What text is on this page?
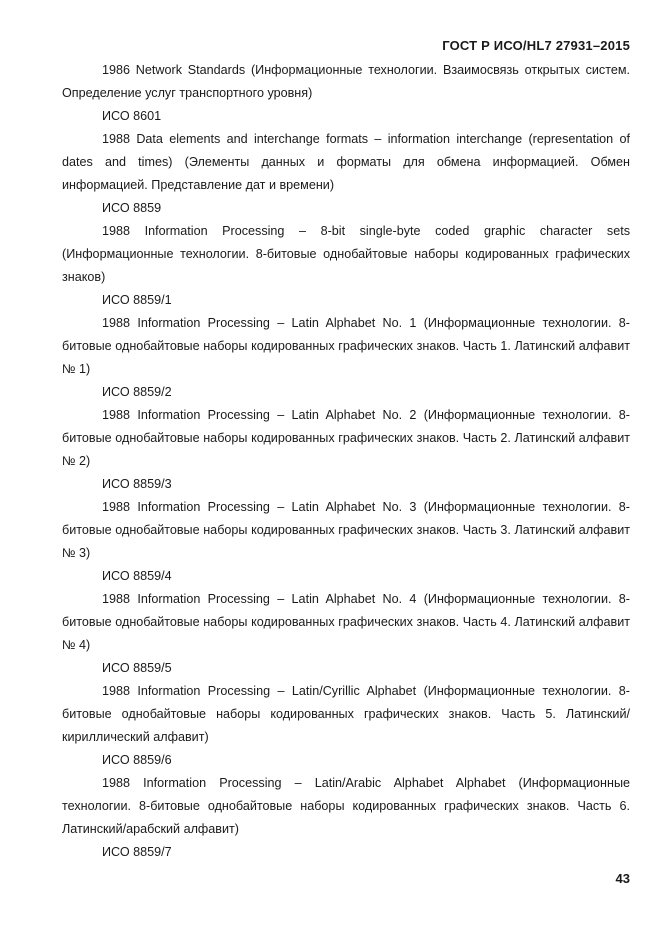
ГОСТ Р ИСО/HL7 27931–2015

1986 Network Standards (Информационные технологии. Взаимосвязь открытых систем. Определение услуг транспортного уровня)

ИСО 8601

1988 Data elements and interchange formats – information interchange (representation of dates and times) (Элементы данных и форматы для обмена информацией. Обмен информацией. Представление дат и времени)

ИСО 8859

1988 Information Processing – 8-bit single-byte coded graphic character sets (Информационные технологии. 8-битовые однобайтовые наборы кодированных графических знаков)

ИСО 8859/1

1988 Information Processing – Latin Alphabet No. 1 (Информационные технологии. 8-битовые однобайтовые наборы кодированных графических знаков. Часть 1. Латинский алфавит № 1)

ИСО 8859/2

1988 Information Processing – Latin Alphabet No. 2 (Информационные технологии. 8-битовые однобайтовые наборы кодированных графических знаков. Часть 2. Латинский алфавит № 2)

ИСО 8859/3

1988 Information Processing – Latin Alphabet No. 3 (Информационные технологии. 8-битовые однобайтовые наборы кодированных графических знаков. Часть 3. Латинский алфавит № 3)

ИСО 8859/4

1988 Information Processing – Latin Alphabet No. 4 (Информационные технологии. 8-битовые однобайтовые наборы кодированных графических знаков. Часть 4. Латинский алфавит № 4)

ИСО 8859/5

1988 Information Processing – Latin/Cyrillic Alphabet (Информационные технологии. 8-битовые однобайтовые наборы кодированных графических знаков. Часть 5. Латинский/кириллический алфавит)

ИСО 8859/6

1988 Information Processing – Latin/Arabic Alphabet Alphabet (Информационные технологии. 8-битовые однобайтовые наборы кодированных графических знаков. Часть 6. Латинский/арабский алфавит)

ИСО 8859/7

43
